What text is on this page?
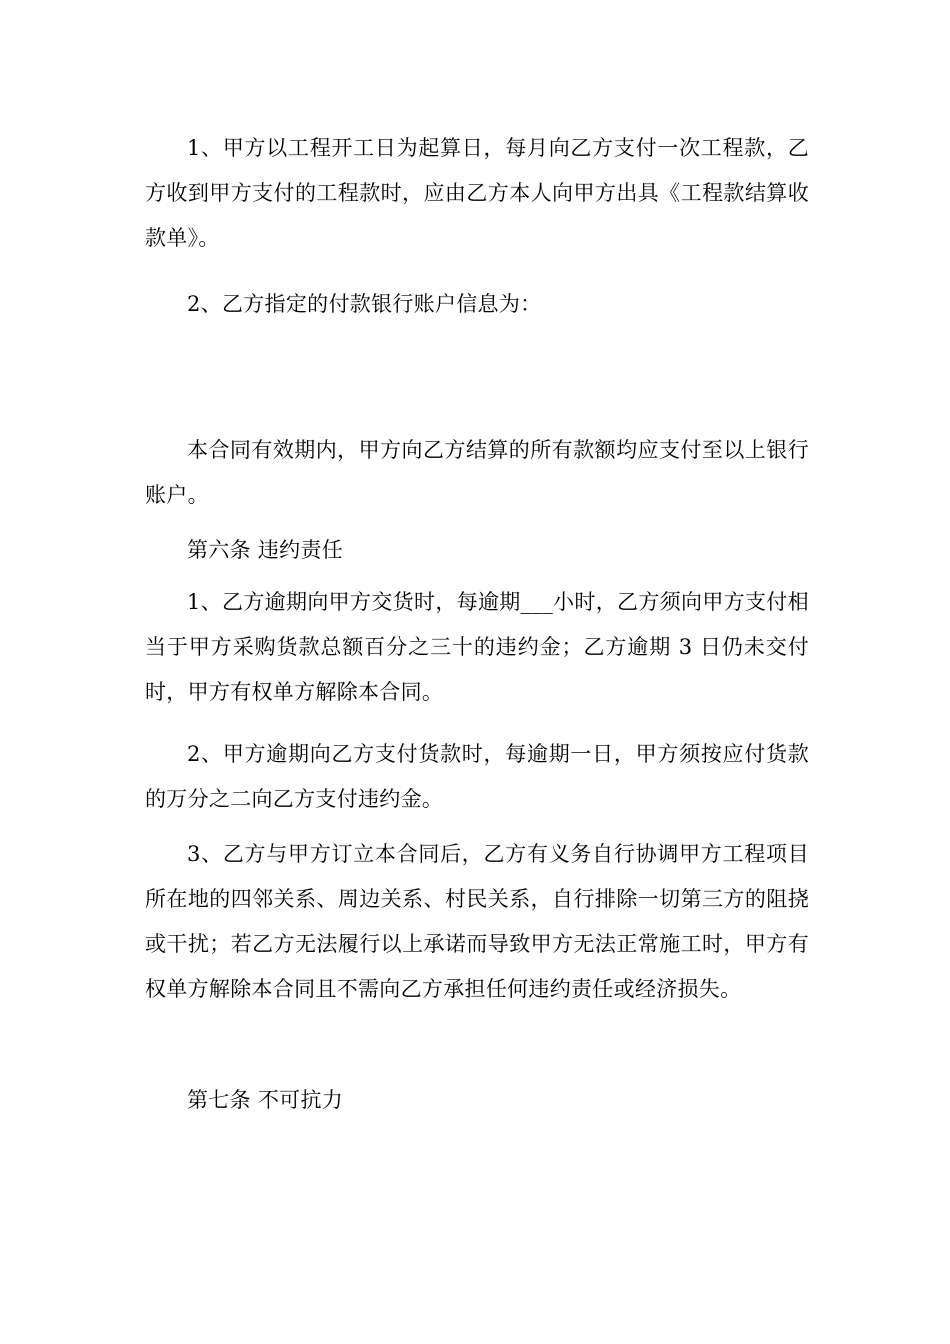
1、甲方以工程开工日为起算日，每月向乙方支付一次工程款，乙方收到甲方支付的工程款时，应由乙方本人向甲方出具《工程款结算收款单》。

2、乙方指定的付款银行账户信息为：

本合同有效期内，甲方向乙方结算的所有款额均应支付至以上银行账户。

第六条 违约责任

1、乙方逾期向甲方交货时，每逾期___小时，乙方须向甲方支付相当于甲方采购货款总额百分之三十的违约金；乙方逾期 3 日仍未交付时，甲方有权单方解除本合同。

2、甲方逾期向乙方支付货款时，每逾期一日，甲方须按应付货款的万分之二向乙方支付违约金。

3、乙方与甲方订立本合同后，乙方有义务自行协调甲方工程项目所在地的四邻关系、周边关系、村民关系，自行排除一切第三方的阻挠或干扰；若乙方无法履行以上承诺而导致甲方无法正常施工时，甲方有权单方解除本合同且不需向乙方承担任何违约责任或经济损失。

第七条 不可抗力
